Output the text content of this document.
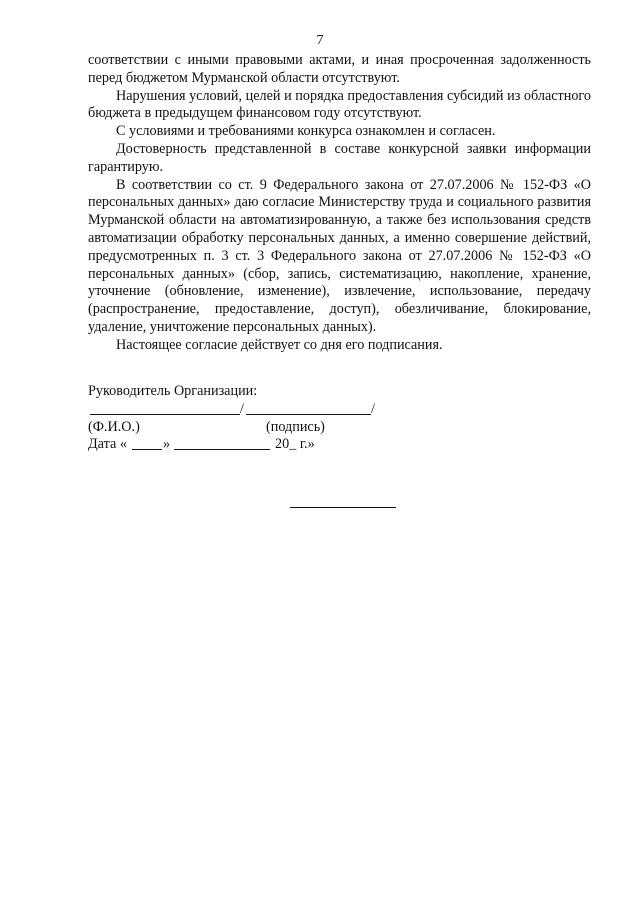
7

соответствии с иными правовыми актами, и иная просроченная задолженность перед бюджетом Мурманской области отсутствуют.

Нарушения условий, целей и порядка предоставления субсидий из областного бюджета в предыдущем финансовом году отсутствуют.

С условиями и требованиями конкурса ознакомлен и согласен.

Достоверность представленной в составе конкурсной заявки информации гарантирую.

В соответствии со ст. 9 Федерального закона от 27.07.2006 № 152-ФЗ «О персональных данных» даю согласие Министерству труда и социального развития Мурманской области на автоматизированную, а также без использования средств автоматизации обработку персональных данных, а именно совершение действий, предусмотренных п. 3 ст. 3 Федерального закона от 27.07.2006 № 152-ФЗ «О персональных данных» (сбор, запись, систематизацию, накопление, хранение, уточнение (обновление, изменение), извлечение, использование, передачу (распространение, предоставление, доступ), обезличивание, блокирование, удаление, уничтожение персональных данных).

Настоящее согласие действует со дня его подписания.

Руководитель Организации:
/	/
(Ф.И.О.)	(подпись)
Дата «	»	20_ г.»
